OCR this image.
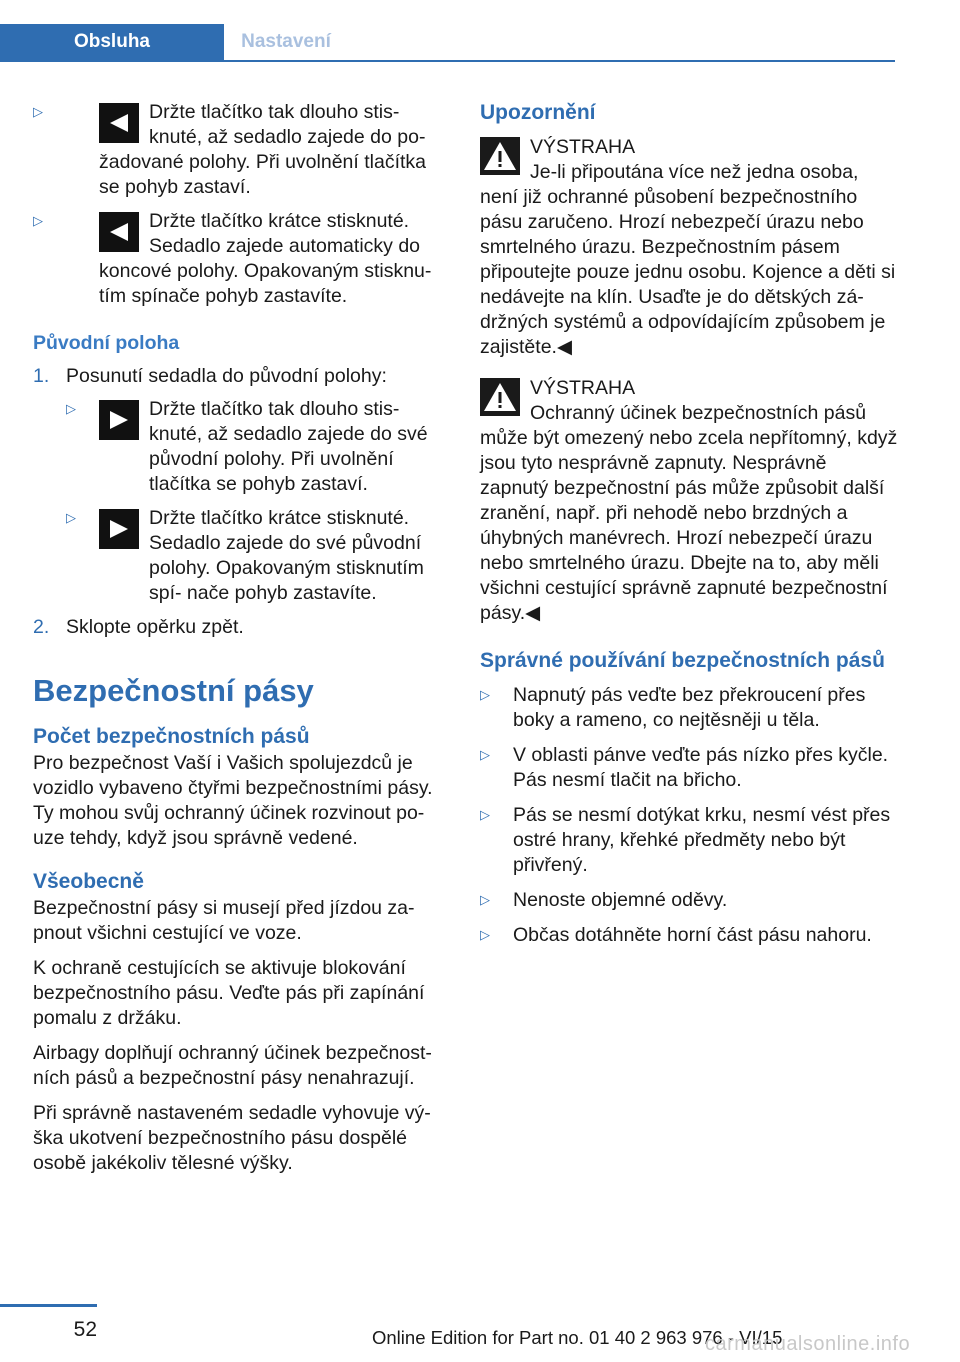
Obsluha	Nastavení
▷	Držte tlačítko tak dlouho stis‐ knuté, až sedadlo zajede do po‐ žadované polohy. Při uvolnění tlačítka se pohyb zastaví.
▷	Držte tlačítko krátce stisknuté. Sedadlo zajede automaticky do koncové polohy. Opakovaným stisknu‐ tím spínače pohyb zastavíte.
Původní poloha
1. Posunutí sedadla do původní polohy:
▷	Držte tlačítko tak dlouho stis‐ knuté, až sedadlo zajede do své původní polohy. Při uvolnění tlačítka se pohyb zastaví.
▷	Držte tlačítko krátce stisknuté. Sedadlo zajede do své původní polohy. Opakovaným stisknutím spí‐ nače pohyb zastavíte.
2. Sklopte opěrku zpět.
Bezpečnostní pásy
Počet bezpečnostních pásů

Pro bezpečnost Vaší i Vašich spolujezdců je vozidlo vybaveno čtyřmi bezpečnostními pásy. Ty mohou svůj ochranný účinek rozvinout po‐ uze tehdy, když jsou správně vedené.

Všeobecně

Bezpečnostní pásy si musejí před jízdou za‐ pnout všichni cestující ve voze.

K ochraně cestujících se aktivuje blokování bezpečnostního pásu. Veďte pás při zapínání pomalu z držáku.

Airbagy doplňují ochranný účinek bezpečnost‐ ních pásů a bezpečnostní pásy nenahrazují.

Při správně nastaveném sedadle vyhovuje vý‐ška ukotvení bezpečnostního pásu dospělé osobě jakékoliv tělesné výšky.

Upozornění
VÝSTRAHA
Je-li připoutána více než jedna osoba, není již ochranné působení bezpečnostního pásu zaručeno. Hrozí nebezpečí úrazu nebo smrtelného úrazu. Bezpečnostním pásem připoutejte pouze jednu osobu. Kojence a děti si nedávejte na klín. Usaďte je do dětských zá‐ držných systémů a odpovídajícím způsobem je zajistěte.◀
VÝSTRAHA
Ochranný účinek bezpečnostních pásů může být omezený nebo zcela nepřítomný, když jsou tyto nesprávně zapnuty. Nesprávně zapnutý bezpečnostní pás může způsobit další zranění, např. při nehodě nebo brzdných a úhybných manévrech. Hrozí nebezpečí úrazu nebo smrtelného úrazu. Dbejte na to, aby měli všichni cestující správně zapnuté bezpečnostní pásy.◀
Správné používání bezpečnostních pásů
▷ Napnutý pás veďte bez překroucení přes boky a rameno, co nejtěsněji u těla.
▷ V oblasti pánve veďte pás nízko přes kyčle. Pás nesmí tlačit na břicho.
▷ Pás se nesmí dotýkat krku, nesmí vést přes ostré hrany, křehké předměty nebo být přivřený.
▷ Nenoste objemné oděvy.
▷ Občas dotáhněte horní část pásu nahoru.
52	Online Edition for Part no. 01 40 2 963 976 - VI/15
carmanualsonline.info
